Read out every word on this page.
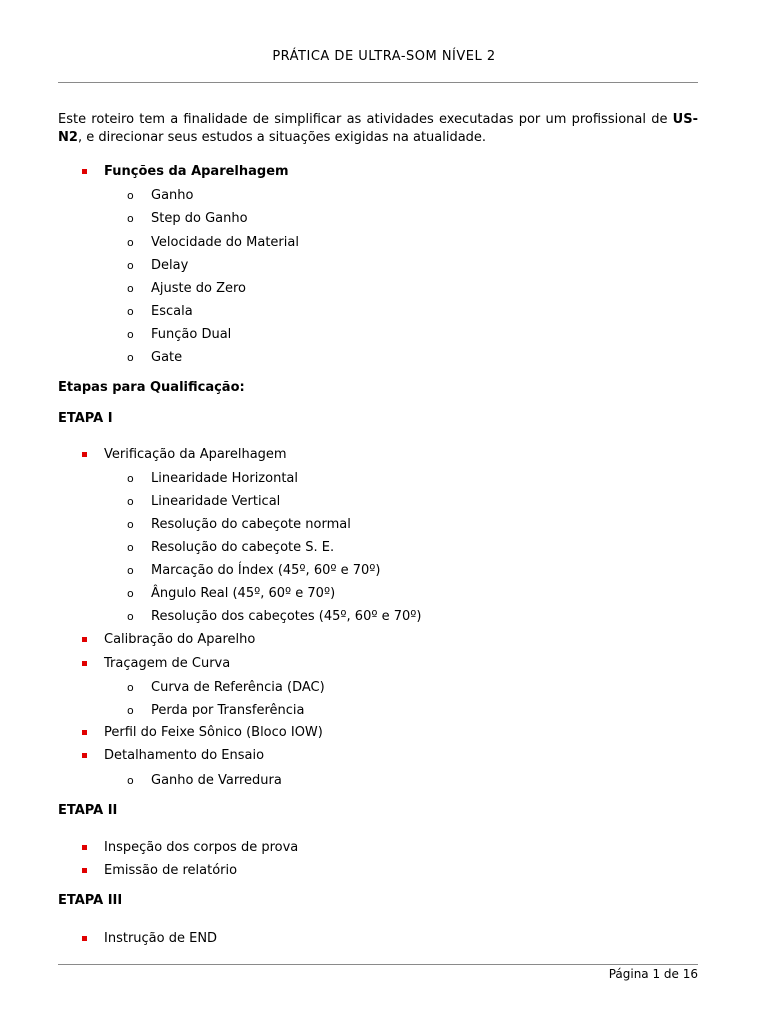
PRÁTICA DE ULTRA-SOM NÍVEL 2
Este roteiro tem a finalidade de simplificar as atividades executadas por um profissional de US-N2, e direcionar seus estudos a situações exigidas na atualidade.
Funções da Aparelhagem
o Ganho
o Step do Ganho
o Velocidade do Material
o Delay
o Ajuste do Zero
o Escala
o Função Dual
o Gate
Etapas para Qualificação:
ETAPA I
Verificação da Aparelhagem
o Linearidade Horizontal
o Linearidade Vertical
o Resolução do cabeçote normal
o Resolução do cabeçote S. E.
o Marcação do Índex (45º, 60º e 70º)
o Ângulo Real (45º, 60º e 70º)
o Resolução dos cabeçotes (45º, 60º e 70º)
Calibração do Aparelho
Traçagem de Curva
o Curva de Referência (DAC)
o Perda por Transferência
Perfil do Feixe Sônico (Bloco IOW)
Detalhamento do Ensaio
o Ganho de Varredura
ETAPA II
Inspeção dos corpos de prova
Emissão de relatório
ETAPA III
Instrução de END
Página 1 de 16
